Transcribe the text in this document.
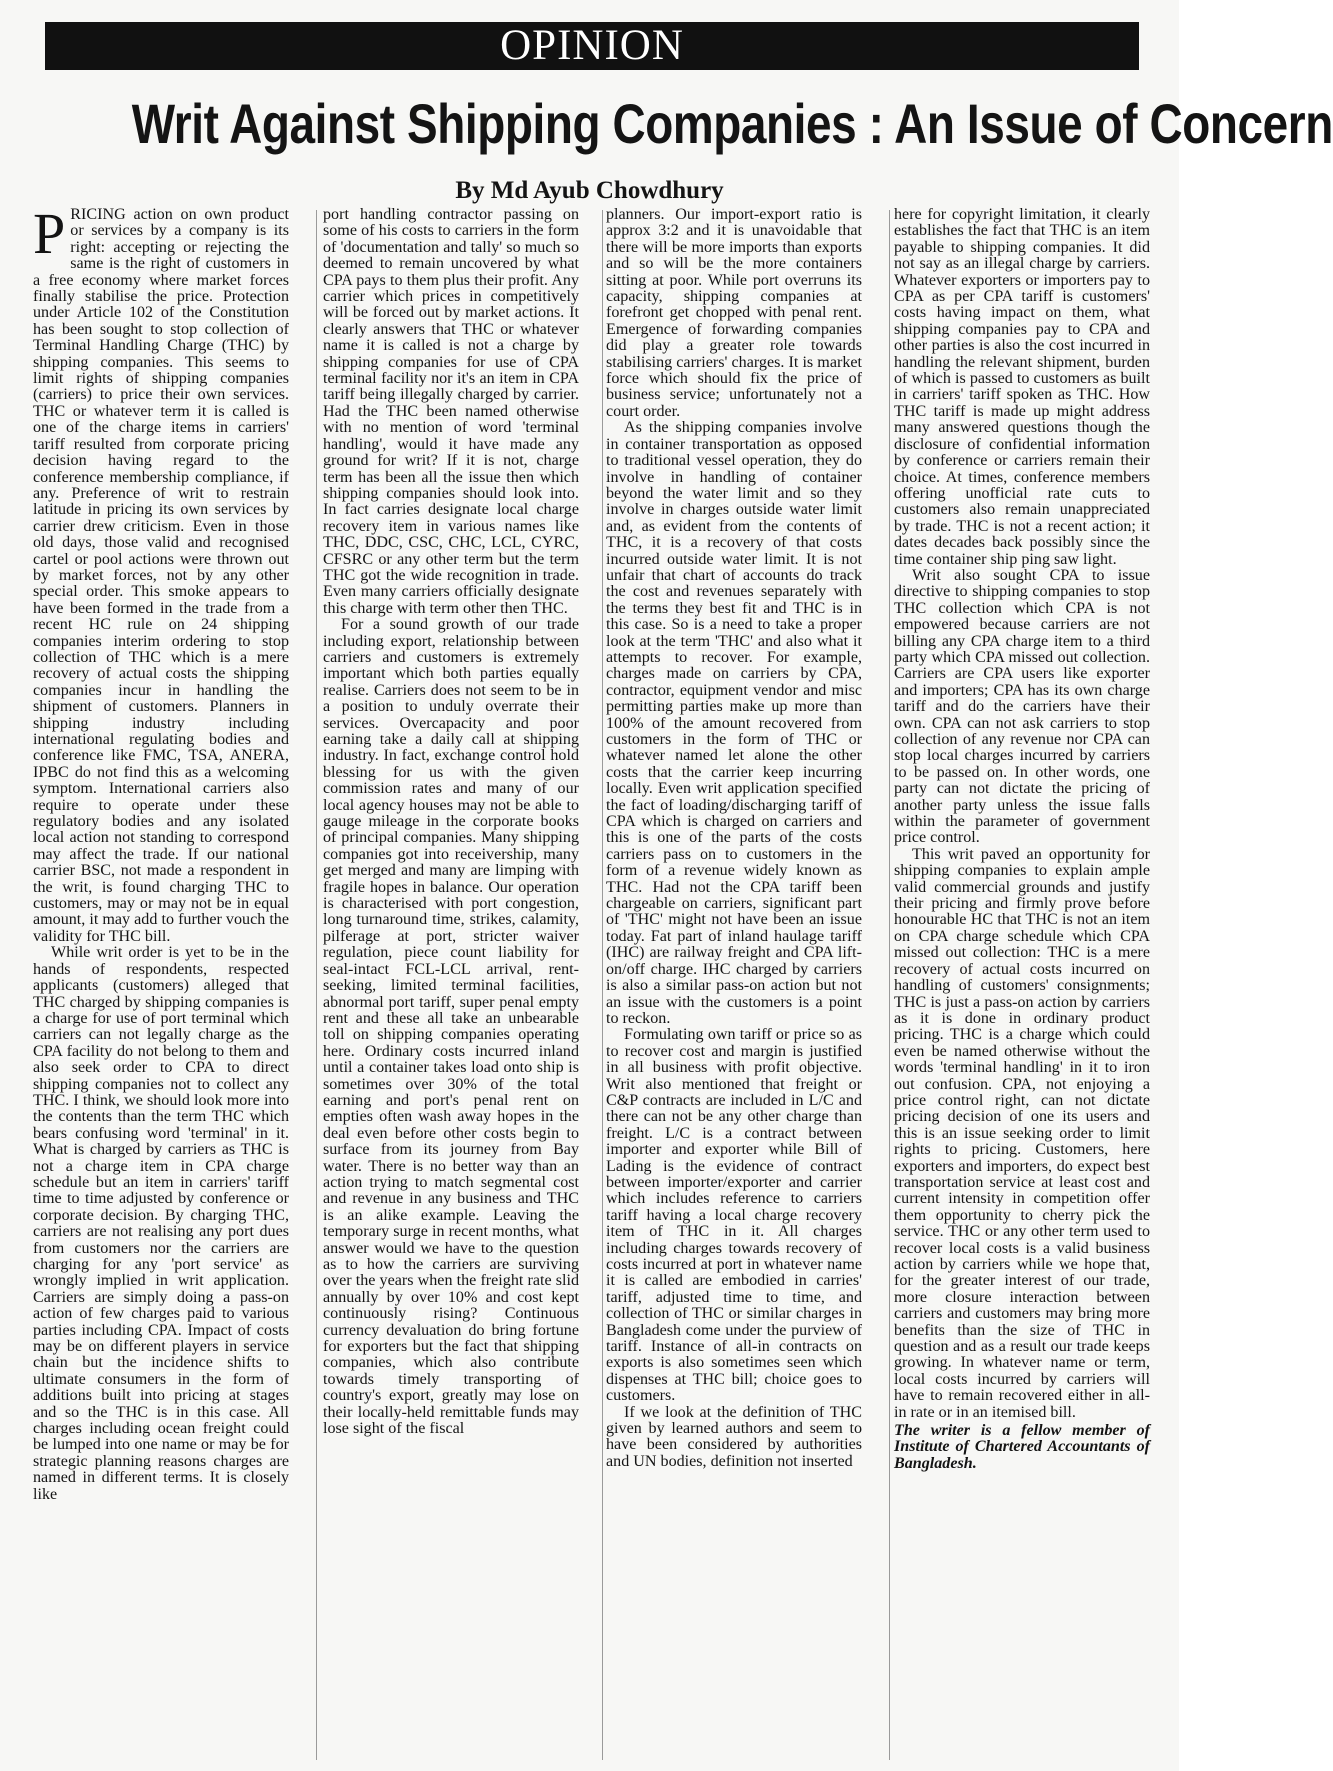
OPINION
Writ Against Shipping Companies : An Issue of Concern
By Md Ayub Chowdhury

PRICING action on own product or services by a company is its right: accepting or rejecting the same is the right of customers in a free economy where market forces finally stabilise the price. Protection under Article 102 of the Constitution has been sought to stop collection of Terminal Handling Charge (THC) by shipping companies. This seems to limit rights of shipping companies (carriers) to price their own services. THC or whatever term it is called is one of the charge items in carriers' tariff resulted from corporate pricing decision having regard to the conference membership compliance, if any. Preference of writ to restrain latitude in pricing its own services by carrier drew criticism. Even in those old days, those valid and recognised cartel or pool actions were thrown out by market forces, not by any other special order. This smoke appears to have been formed in the trade from a recent HC rule on 24 shipping companies interim ordering to stop collection of THC which is a mere recovery of actual costs the shipping companies incur in handling the shipment of customers. Planners in shipping industry including international regulating bodies and conference like FMC, TSA, ANERA, IPBC do not find this as a welcoming symptom. International carriers also require to operate under these regulatory bodies and any isolated local action not standing to correspond may affect the trade. If our national carrier BSC, not made a respondent in the writ, is found charging THC to customers, may or may not be in equal amount, it may add to further vouch the validity for THC bill.

While writ order is yet to be in the hands of respondents, respected applicants (customers) alleged that THC charged by shipping companies is a charge for use of port terminal which carriers can not legally charge as the CPA facility do not belong to them and also seek order to CPA to direct shipping companies not to collect any THC. I think, we should look more into the contents than the term THC which bears confusing word 'terminal' in it. What is charged by carriers as THC is not a charge item in CPA charge schedule but an item in carriers' tariff time to time adjusted by conference or corporate decision. By charging THC, carriers are not realising any port dues from customers nor the carriers are charging for any 'port service' as wrongly implied in writ application. Carriers are simply doing a pass-on action of few charges paid to various parties including CPA. Impact of costs may be on different players in service chain but the incidence shifts to ultimate consumers in the form of additions built into pricing at stages and so the THC is in this case. All charges including ocean freight could be lumped into one name or may be for strategic planning reasons charges are named in different terms. It is closely like

port handling contractor passing on some of his costs to carriers in the form of 'documentation and tally' so much so deemed to remain uncovered by what CPA pays to them plus their profit. Any carrier which prices in competitively will be forced out by market actions. It clearly answers that THC or whatever name it is called is not a charge by shipping companies for use of CPA terminal facility nor it's an item in CPA tariff being illegally charged by carrier. Had the THC been named otherwise with no mention of word 'terminal handling', would it have made any ground for writ? If it is not, charge term has been all the issue then which shipping companies should look into. In fact carries designate local charge recovery item in various names like THC, DDC, CSC, CHC, LCL, CYRC, CFSRC or any other term but the term THC got the wide recognition in trade. Even many carriers officially designate this charge with term other then THC.

For a sound growth of our trade including export, relationship between carriers and customers is extremely important which both parties equally realise. Carriers does not seem to be in a position to unduly overrate their services. Overcapacity and poor earning take a daily call at shipping industry. In fact, exchange control hold blessing for us with the given commission rates and many of our local agency houses may not be able to gauge mileage in the corporate books of principal companies. Many shipping companies got into receivership, many get merged and many are limping with fragile hopes in balance. Our operation is characterised with port congestion, long turnaround time, strikes, calamity, pilferage at port, stricter waiver regulation, piece count liability for seal-intact FCL-LCL arrival, rent-seeking, limited terminal facilities, abnormal port tariff, super penal empty rent and these all take an unbearable toll on shipping companies operating here. Ordinary costs incurred inland until a container takes load onto ship is sometimes over 30% of the total earning and port's penal rent on empties often wash away hopes in the deal even before other costs begin to surface from its journey from Bay water. There is no better way than an action trying to match segmental cost and revenue in any business and THC is an alike example. Leaving the temporary surge in recent months, what answer would we have to the question as to how the carriers are surviving over the years when the freight rate slid annually by over 10% and cost kept continuously rising? Continuous currency devaluation do bring fortune for exporters but the fact that shipping companies, which also contribute towards timely transporting of country's export, greatly may lose on their locally-held remittable funds may lose sight of the fiscal

planners. Our import-export ratio is approx 3:2 and it is unavoidable that there will be more imports than exports and so will be the more containers sitting at poor. While port overruns its capacity, shipping companies at forefront get chopped with penal rent. Emergence of forwarding companies did play a greater role towards stabilising carriers' charges. It is market force which should fix the price of business service; unfortunately not a court order.

As the shipping companies involve in container transportation as opposed to traditional vessel operation, they do involve in handling of container beyond the water limit and so they involve in charges outside water limit and, as evident from the contents of THC, it is a recovery of that costs incurred outside water limit. It is not unfair that chart of accounts do track the cost and revenues separately with the terms they best fit and THC is in this case. So is a need to take a proper look at the term 'THC' and also what it attempts to recover. For example, charges made on carriers by CPA, contractor, equipment vendor and misc permitting parties make up more than 100% of the amount recovered from customers in the form of THC or whatever named let alone the other costs that the carrier keep incurring locally. Even writ application specified the fact of loading/discharging tariff of CPA which is charged on carriers and this is one of the parts of the costs carriers pass on to customers in the form of a revenue widely known as THC. Had not the CPA tariff been chargeable on carriers, significant part of 'THC' might not have been an issue today. Fat part of inland haulage tariff (IHC) are railway freight and CPA lift-on/off charge. IHC charged by carriers is also a similar pass-on action but not an issue with the customers is a point to reckon.

Formulating own tariff or price so as to recover cost and margin is justified in all business with profit objective. Writ also mentioned that freight or C&P contracts are included in L/C and there can not be any other charge than freight. L/C is a contract between importer and exporter while Bill of Lading is the evidence of contract between importer/exporter and carrier which includes reference to carriers tariff having a local charge recovery item of THC in it. All charges including charges towards recovery of costs incurred at port in whatever name it is called are embodied in carries' tariff, adjusted time to time, and collection of THC or similar charges in Bangladesh come under the purview of tariff. Instance of all-in contracts on exports is also sometimes seen which dispenses at THC bill; choice goes to customers.

If we look at the definition of THC given by learned authors and seem to have been considered by authorities and UN bodies, definition not inserted

here for copyright limitation, it clearly establishes the fact that THC is an item payable to shipping companies. It did not say as an illegal charge by carriers. Whatever exporters or importers pay to CPA as per CPA tariff is customers' costs having impact on them, what shipping companies pay to CPA and other parties is also the cost incurred in handling the relevant shipment, burden of which is passed to customers as built in carriers' tariff spoken as THC. How THC tariff is made up might address many answered questions though the disclosure of confidential information by conference or carriers remain their choice. At times, conference members offering unofficial rate cuts to customers also remain unappreciated by trade. THC is not a recent action; it dates decades back possibly since the time container ship ping saw light.

Writ also sought CPA to issue directive to shipping companies to stop THC collection which CPA is not empowered because carriers are not billing any CPA charge item to a third party which CPA missed out collection. Carriers are CPA users like exporter and importers; CPA has its own charge tariff and do the carriers have their own. CPA can not ask carriers to stop collection of any revenue nor CPA can stop local charges incurred by carriers to be passed on. In other words, one party can not dictate the pricing of another party unless the issue falls within the parameter of government price control.

This writ paved an opportunity for shipping companies to explain ample valid commercial grounds and justify their pricing and firmly prove before honourable HC that THC is not an item on CPA charge schedule which CPA missed out collection: THC is a mere recovery of actual costs incurred on handling of customers' consignments; THC is just a pass-on action by carriers as it is done in ordinary product pricing. THC is a charge which could even be named otherwise without the words 'terminal handling' in it to iron out confusion. CPA, not enjoying a price control right, can not dictate pricing decision of one its users and this is an issue seeking order to limit rights to pricing. Customers, here exporters and importers, do expect best transportation service at least cost and current intensity in competition offer them opportunity to cherry pick the service. THC or any other term used to recover local costs is a valid business action by carriers while we hope that, for the greater interest of our trade, more closure interaction between carriers and customers may bring more benefits than the size of THC in question and as a result our trade keeps growing. In whatever name or term, local costs incurred by carriers will have to remain recovered either in all-in rate or in an itemised bill.

The writer is a fellow member of Institute of Chartered Accountants of Bangladesh.
